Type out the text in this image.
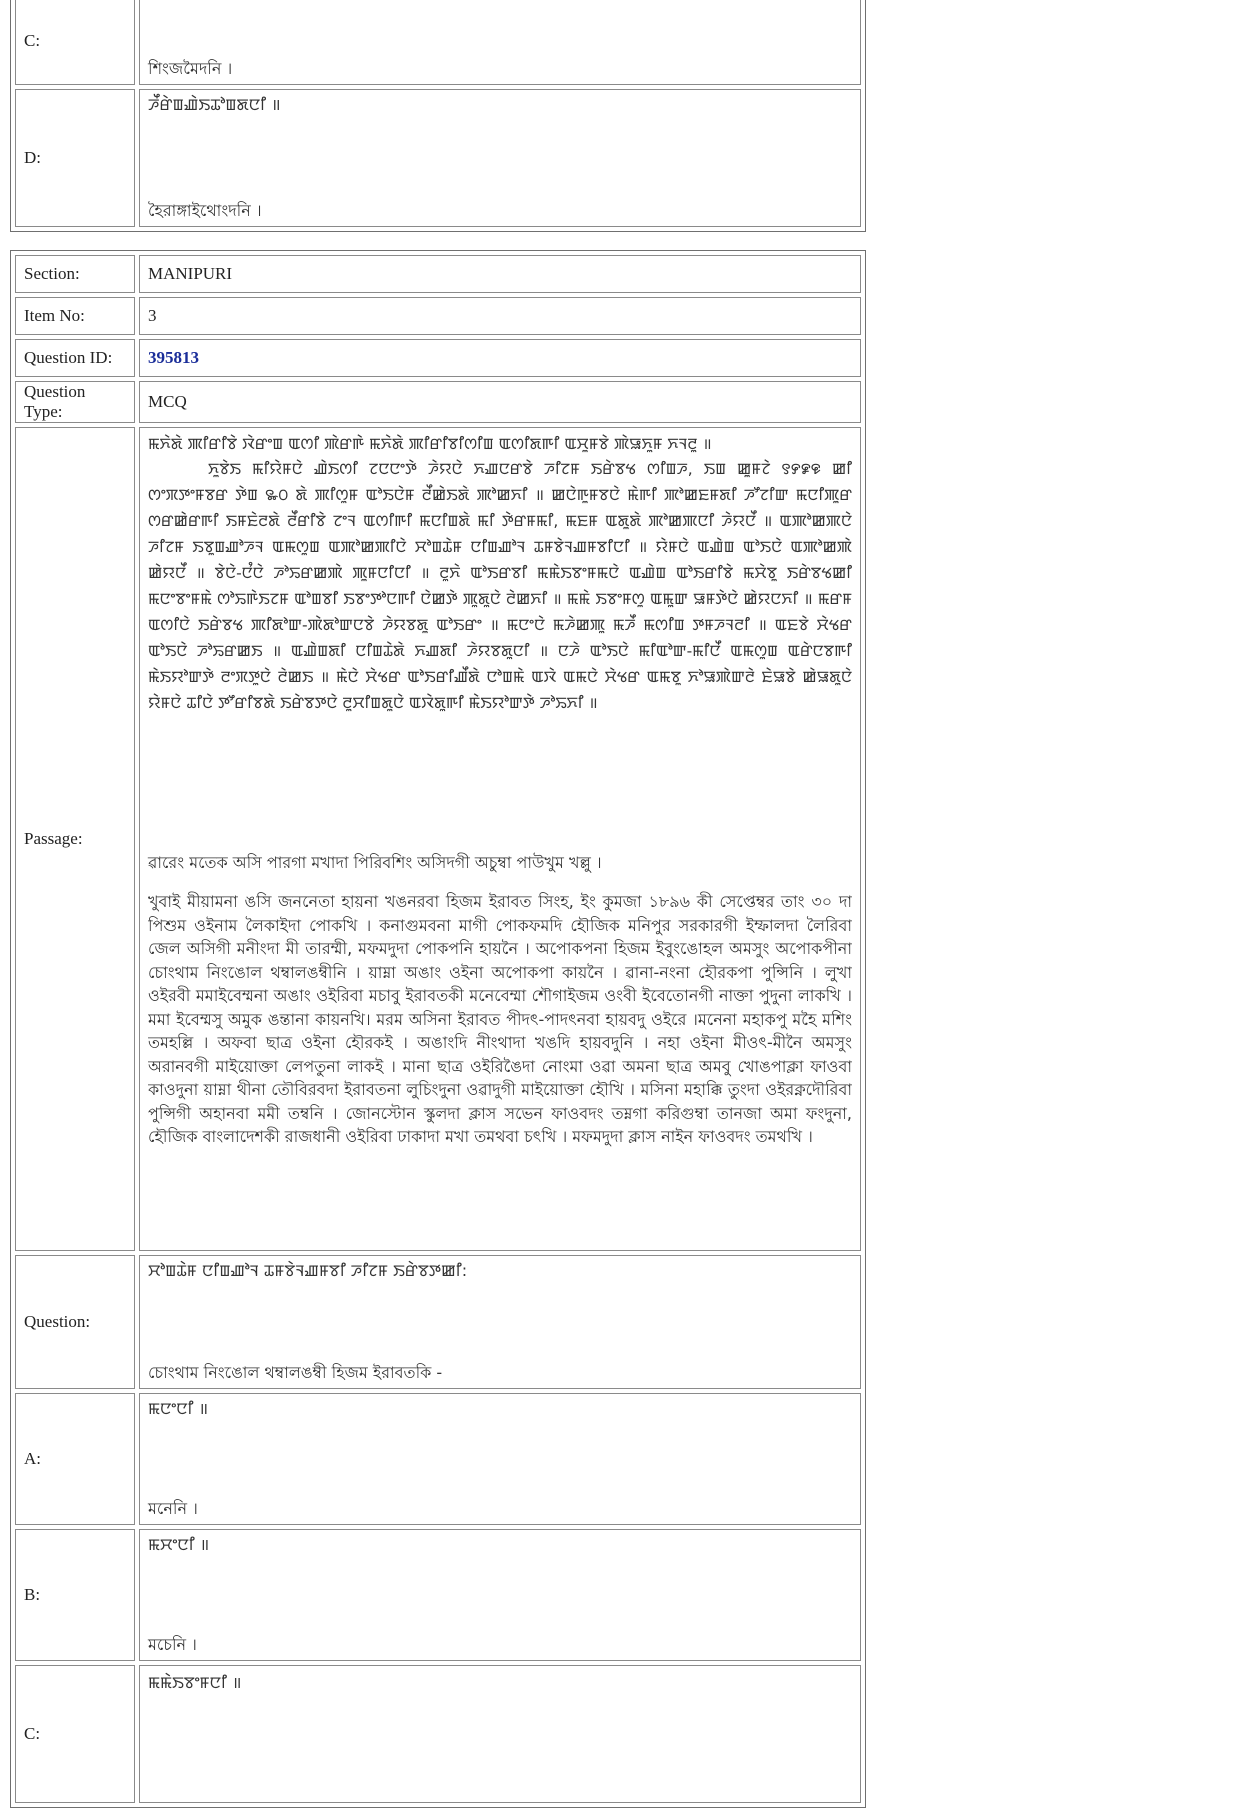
C:	শিংজমৈদনি ।

D:	ꯍꯩꯔꯥꯡꯉꯥꯏꯊꯣꯡꯗꯅꯤ ॥
হৈরাঙ্গাইথোংদনি ।
Section:	MANIPURI
Item No:	3
Question ID:	395813
Question Type:	MCQ
Passage:	ꯃꯈꯥꯗꯥ ꯄꯤꯔꯤꯕꯥ ꯋꯥꯔꯦꯡ ꯑꯁꯤ ꯄꯥꯔꯒꯥ ꯃꯈꯥꯗꯥ ꯄꯤꯔꯤꯕꯤꯁꯤꯡ ꯑꯁꯤꯗꯒꯤ ꯑꯆꯨꯝꯕꯥ ꯄꯥꯎꯈꯨꯝ ꯈꯜꯂꯨ ॥
ꯈꯨꯕꯥꯏ ꯃꯤꯌꯥꯝꯅꯥ ꯉꯥꯏꯁꯤ ꯖꯅꯅꯦꯇꯥ ꯍꯥꯌꯅꯥ ꯈꯉꯅꯔꯕꯥ ꯍꯤꯖꯝ ꯏꯔꯥꯕꯠ ꯁꯤꯡꯍ, ꯏꯡ ꯀꯨꯝꯖꯥ ꯱꯸꯹꯶ ꯀꯤ ꯁꯦꯞꯇꯦꯝꯕꯔ ꯇꯥꯡ ꯳꯰ ꯗꯥ ꯄꯤꯁꯨꯝ ꯑꯣꯏꯅꯥꯝ ꯂꯩꯀꯥꯏꯗꯥ ꯄꯣꯀꯈꯤ ॥ ꯀꯅꯥꯒꯨꯝꯕꯅꯥ ꯃꯥꯒꯤ ꯄꯣꯀꯐꯝꯗꯤ ꯍꯧꯖꯤꯛ ꯃꯅꯤꯄꯨꯔ ꯁꯔꯀꯥꯔꯒꯤ ꯏꯝꯐꯥꯂꯗꯥ ꯂꯩꯔꯤꯕꯥ ꯖꯦꯜ ꯑꯁꯤꯒꯤ ꯃꯅꯤꯡꯗꯥ ꯃꯤ ꯇꯥꯔꯝꯃꯤ, ꯃꯐꯝ ꯑꯗꯨꯗꯥ ꯄꯣꯀꯄꯅꯤ ꯍꯥꯌꯅꯩ ॥ ꯑꯄꯣꯀꯄꯅꯥ ꯍꯤꯖꯝ ꯏꯕꯨꯡꯉꯣꯍꯜ ꯑꯃꯁꯨꯡ ꯑꯄꯣꯀꯄꯤꯅꯥ ꯆꯣꯡꯊꯥꯝ ꯅꯤꯡꯉꯣꯜ ꯊꯝꯕꯥꯜꯉꯝꯕꯤꯅꯤ ॥ ꯌꯥꯝꯅꯥ ꯑꯉꯥꯡ ꯑꯣꯏꯅꯥ ꯑꯄꯣꯀꯄꯥ ꯀꯥꯌꯅꯩ ॥ ꯕꯥꯅꯥ-ꯅꯪꯅꯥ ꯍꯣꯢꯔꯀꯄꯥ ꯄꯨꯝꯅꯤꯅꯤ ॥ ꯂꯨꯈꯥ ꯑꯣꯏꯔꯕꯤ ꯃꯃꯥꯏꯕꯦꯝꯃꯅꯥ ꯑꯉꯥꯡ ꯑꯣꯏꯔꯤꯕꯥ ꯃꯆꯥꯕꯨ ꯏꯔꯥꯕꯠꯀꯤ ꯃꯅꯦꯕꯦꯝꯃꯥ ꯁꯣꯢꯒꯥꯏꯖꯝ ꯑꯣꯡꯕꯤ ꯏꯕꯦꯇꯣꯅꯒꯤ ꯅꯥꯀꯇꯥ ꯄꯨꯗꯨꯅꯥ ꯂꯥꯀꯈꯤ ॥ ꯃꯃꯥ ꯏꯕꯦꯝꯁꯨ ꯑꯃꯨꯛ ꯎꯝꯇꯥꯅꯥ ꯀꯥꯌꯅꯈꯤ ॥ ꯃꯔꯝ ꯑꯁꯤꯅꯥ ꯏꯔꯥꯕꯠ ꯄꯤꯗꯣꯛ-ꯄꯥꯗꯣꯛꯅꯕꯥ ꯍꯥꯌꯕꯗꯨ ꯑꯣꯏꯔꯦ ॥ ꯃꯅꯦꯅꯥ ꯃꯍꯥꯀꯄꯨ ꯃꯍꯩ ꯃꯁꯤꯡ ꯇꯝꯍꯜꯂꯤ ॥ ꯑꯐꯕꯥ ꯆꯥꯠꯔ ꯑꯣꯏꯅꯥ ꯍꯣꯢꯔꯀꯏ ॥ ꯑꯉꯥꯡꯗꯤ ꯅꯤꯡꯊꯥꯗꯥ ꯈꯉꯗꯤ ꯍꯥꯌꯕꯗꯨꯅꯤ ॥ ꯅꯍꯥ ꯑꯣꯏꯅꯥ ꯃꯤꯑꯣꯛ-ꯃꯤꯅꯩ ꯑꯃꯁꯨꯡ ꯑꯔꯥꯅꯕꯒꯤ ꯃꯥꯏꯌꯣꯛꯇꯥ ꯂꯦꯞꯇꯨꯅꯥ ꯂꯥꯀꯏ ॥ ꯃꯥꯅꯥ ꯆꯥꯠꯔ ꯑꯣꯏꯔꯤꯉꯩꯗꯥ ꯅꯣꯡꯃꯥ ꯑꯋꯥ ꯑꯃꯅꯥ ꯆꯥꯠꯔ ꯑꯃꯕꯨ ꯈꯣꯎꯄꯥꯛꯂꯥ ꯐꯥꯎꯕꯥ ꯀꯥꯎꯗꯨꯅꯥ ꯌꯥꯝꯅꯥ ꯊꯤꯅꯥ ꯇꯧꯔꯤꯕꯗꯥ ꯏꯔꯥꯕꯇꯅꯥ ꯂꯨꯆꯤꯡꯗꯨꯅꯥ ꯑꯋꯥꯗꯨꯒꯤ ꯃꯥꯏꯌꯣꯛꯇꯥ ꯍꯣꯢꯈꯤ ॥
ৱারেং মতেক অসি পারগা মখাদা পিরিবশিং অসিদগী অচুম্বা পাউখুম খল্লু ।
খুবাই মীয়ামনা ঙসি জননেতা হায়না খঙনরবা হিজম ইরাবত সিংহ, ইং কুমজা ১৮৯৬ কী সেপ্তেম্বর তাং ৩০ দা পিশুম ওইনাম লৈকাইদা পোকখি । কনাগুমবনা মাগী পোকফমদি হৌজিক মনিপুর সরকারগী ইম্ফালদা লৈরিবা জেল অসিগী মনীংদা মী তারম্মী, মফমদুদা পোকপনি হায়নৈ । অপোকপনা হিজম ইবুংঙোহল অমসুং অপোকপীনা চোংথাম নিংঙোল থম্বালঙম্বীনি । য়াম্না অঙাং ওইনা অপোকপা কায়নৈ । ৱানা-নংনা হৌরকপা পুন্সিনি । লুখা ওইরবী মমাইবেম্মনা অঙাং ওইরিবা মচাবু ইরাবতকী মনেবেম্মা শৌগাইজম ওংবী ইবেতোনগী নাক্তা পুদুনা লাকখি । মমা ইবেম্মসু অমুক ঙন্তানা কায়নখি। মরম অসিনা ইরাবত পীদৎ-পাদৎনবা হায়বদু ওইরে ।মনেনা মহাকপু মহৈ মশিং তমহল্লি । অফবা ছাত্র ওইনা হৌরকই । অঙাংদি নীংথাদা খঙদি হায়বদুনি । নহা ওইনা মীওৎ-মীনৈ অমসুং অরানবগী মাইয়োক্তা লেপতুনা লাকই । মানা ছাত্র ওইরিঙৈদা নোংমা ওৱা অমনা ছাত্র অমবু খোঙপাক্লা ফাওবা কাওদুনা য়াম্না থীনা তৌবিরবদা ইরাবতনা লুচিংদুনা ওৱাদুগী মাইয়োক্তা হৌখি । মসিনা মহাক্কি তুংদা ওইরক্নদৌরিবা পুন্সিগী অহানবা মমী তম্বনি । জোনস্টোন স্কুলদা ক্লাস সভেন ফাওবদং তম্নগা করিগুম্বা তানজা অমা ফংদুনা, হৌজিক বাংলাদেশকী রাজধানী ওইরিবা ঢাকাদা মখা তমথবা চৎখি । মফমদুদা ক্লাস নাইন ফাওবদং তমথখি ।

Question:	ꯆꯣꯡꯊꯥꯝ ꯅꯤꯡꯉꯣꯜ ꯊꯝꯕꯥꯜꯉꯝꯕꯤ ꯍꯤꯖꯝ ꯏꯔꯥꯕꯇꯀꯤ:
চোংথাম নিংঙোল থম্বালঙম্বী হিজম ইরাবতকি -

A:	ꯃꯅꯦꯅꯤ ॥
মনেনি ।

B:	ꯃꯆꯦꯅꯤ ॥
মচেনি ।

C:	ꯃꯃꯥꯏꯕꯦꯝꯅꯤ ॥
